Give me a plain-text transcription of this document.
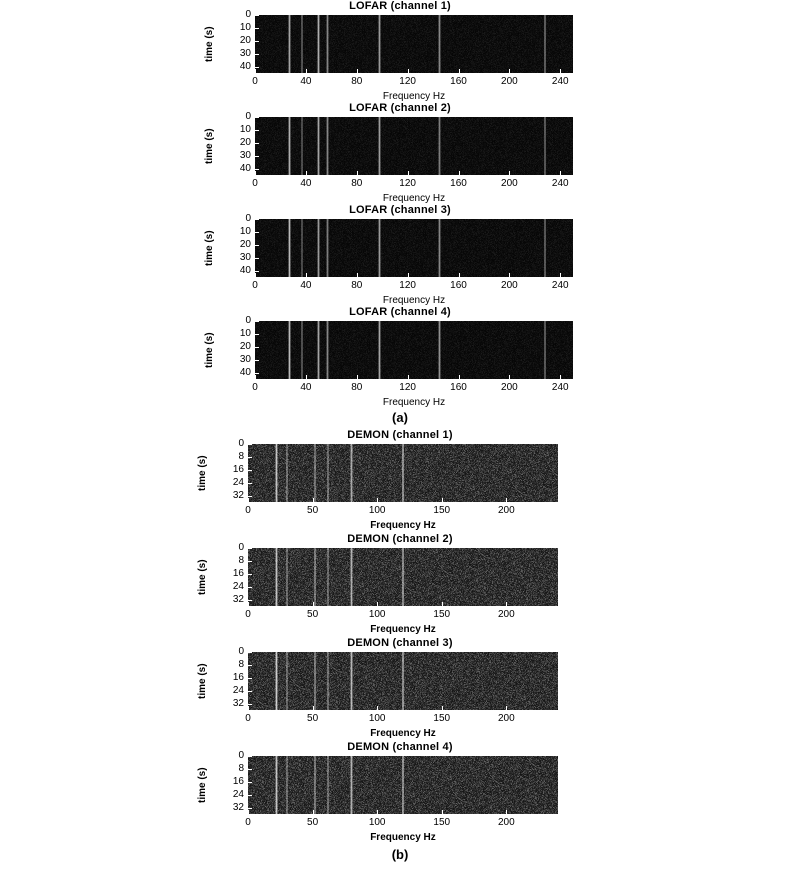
LOFAR (channel 1)
time (s)
0
10
20
30
40
0	40	80	120	160	200	240
Frequency Hz
LOFAR (channel 2)
time (s)
0
10
20
30
40
0	40	80	120	160	200	240
Frequency Hz
LOFAR (channel 3)
time (s)
0
10
20
30
40
0	40	80	120	160	200	240
Frequency Hz
LOFAR (channel 4)
time (s)
0
10
20
30
40
0	40	80	120	160	200	240
Frequency Hz
(a)
DEMON (channel 1)
time (s)
0
8
16
24
32
0	50	100	150	200
Frequency Hz
DEMON (channel 2)
time (s)
0
8
16
24
32
0	50	100	150	200
Frequency Hz
DEMON (channel 3)
time (s)
0
8
16
24
32
0	50	100	150	200
Frequency Hz
DEMON (channel 4)
time (s)
0
8
16
24
32
0	50	100	150	200
Frequency Hz
(b)
